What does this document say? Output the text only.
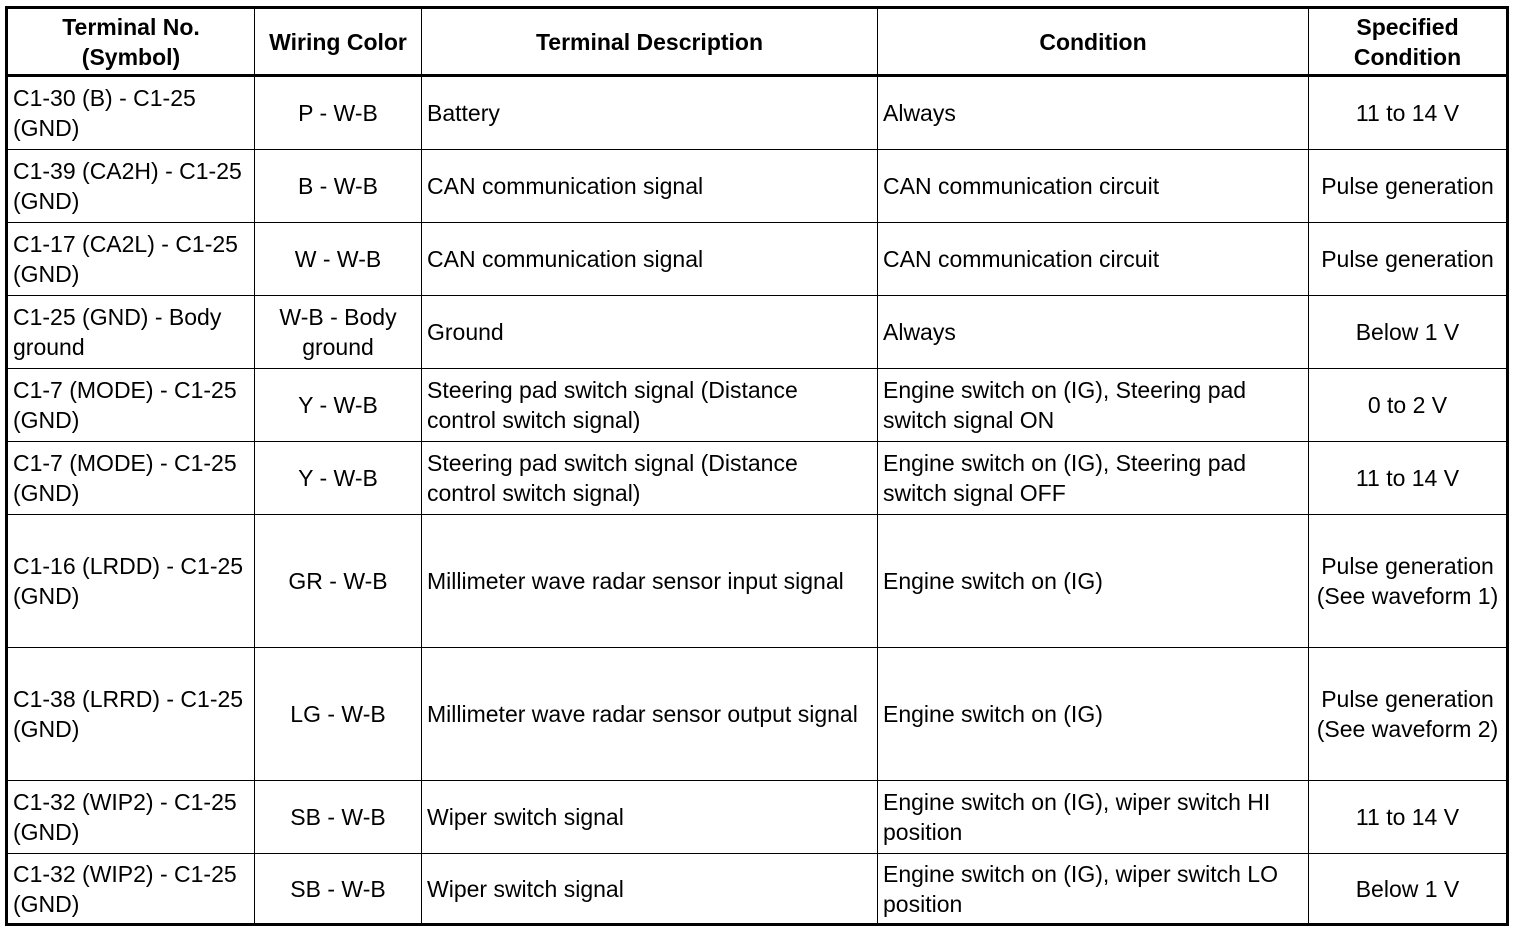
Terminal No. (Symbol)	Wiring Color	Terminal Description	Condition	Specified Condition
C1-30 (B) - C1-25 (GND)	P - W-B	Battery	Always	11 to 14 V
C1-39 (CA2H) - C1-25 (GND)	B - W-B	CAN communication signal	CAN communication circuit	Pulse generation
C1-17 (CA2L) - C1-25 (GND)	W - W-B	CAN communication signal	CAN communication circuit	Pulse generation
C1-25 (GND) - Body ground	W-B - Body ground	Ground	Always	Below 1 V
C1-7 (MODE) - C1-25 (GND)	Y - W-B	Steering pad switch signal (Distance control switch signal)	Engine switch on (IG), Steering pad switch signal ON	0 to 2 V
C1-7 (MODE) - C1-25 (GND)	Y - W-B	Steering pad switch signal (Distance control switch signal)	Engine switch on (IG), Steering pad switch signal OFF	11 to 14 V
C1-16 (LRDD) - C1-25 (GND)	GR - W-B	Millimeter wave radar sensor input signal	Engine switch on (IG)	Pulse generation (See waveform 1)
C1-38 (LRRD) - C1-25 (GND)	LG - W-B	Millimeter wave radar sensor output signal	Engine switch on (IG)	Pulse generation (See waveform 2)
C1-32 (WIP2) - C1-25 (GND)	SB - W-B	Wiper switch signal	Engine switch on (IG), wiper switch HI position	11 to 14 V
C1-32 (WIP2) - C1-25 (GND)	SB - W-B	Wiper switch signal	Engine switch on (IG), wiper switch LO position	Below 1 V
